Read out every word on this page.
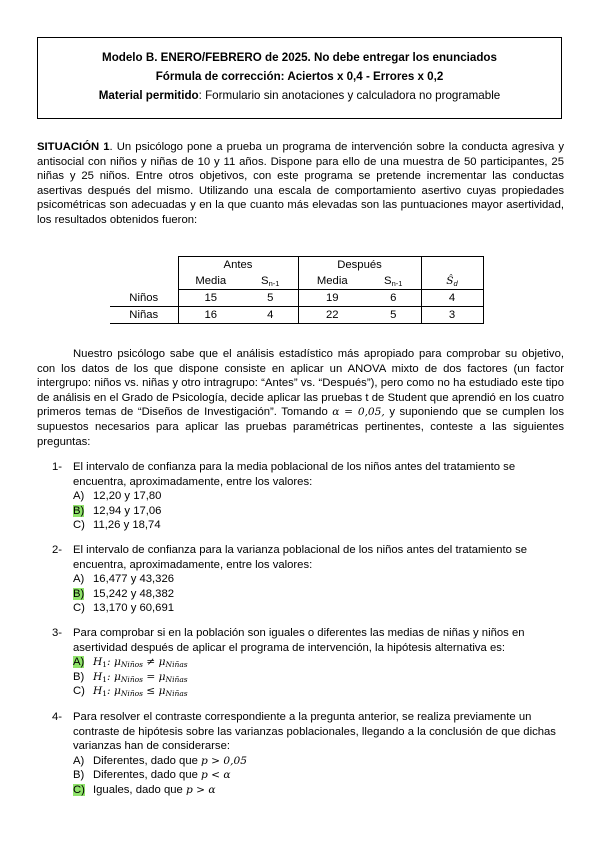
Modelo B. ENERO/FEBRERO de 2025. No debe entregar los enunciados
Fórmula de corrección: Aciertos x 0,4 - Errores x 0,2
Material permitido: Formulario sin anotaciones y calculadora no programable
SITUACIÓN 1. Un psicólogo pone a prueba un programa de intervención sobre la conducta agresiva y antisocial con niños y niñas de 10 y 11 años. Dispone para ello de una muestra de 50 participantes, 25 niñas y 25 niños. Entre otros objetivos, con este programa se pretende incrementar las conductas asertivas después del mismo. Utilizando una escala de comportamiento asertivo cuyas propiedades psicométricas son adecuadas y en la que cuanto más elevadas son las puntuaciones mayor asertividad, los resultados obtenidos fueron:
	Antes		Después		
	Media	$S_{n-1}$	Media	$S_{n-1}$	$Ŝ_d$
Niños	15	5	19	6	4
Niñas	16	4	22	5	3
Nuestro psicólogo sabe que el análisis estadístico más apropiado para comprobar su objetivo, con los datos de los que dispone consiste en aplicar un ANOVA mixto de dos factores (un factor intergrupo: niños vs. niñas y otro intragrupo: “Antes” vs. “Después”), pero como no ha estudiado este tipo de análisis en el Grado de Psicología, decide aplicar las pruebas t de Student que aprendió en los cuatro primeros temas de “Diseños de Investigación”. Tomando α = 0,05, y suponiendo que se cumplen los supuestos necesarios para aplicar las pruebas paramétricas pertinentes, conteste a las siguientes preguntas:
1- El intervalo de confianza para la media poblacional de los niños antes del tratamiento se encuentra, aproximadamente, entre los valores:
A) 12,20 y 17,80
B) 12,94 y 17,06
C) 11,26 y 18,74
2- El intervalo de confianza para la varianza poblacional de los niños antes del tratamiento se encuentra, aproximadamente, entre los valores:
A) 16,477 y 43,326
B) 15,242 y 48,382
C) 13,170 y 60,691
3- Para comprobar si en la población son iguales o diferentes las medias de niñas y niños en asertividad después de aplicar el programa de intervención, la hipótesis alternativa es:
A) $H_1$: $\mu_{Niños} \ne \mu_{Niñas}$
B) $H_1$: $\mu_{Niños} = \mu_{Niñas}$
C) $H_1$: $\mu_{Niños} \le \mu_{Niñas}$
4- Para resolver el contraste correspondiente a la pregunta anterior, se realiza previamente un contraste de hipótesis sobre las varianzas poblacionales, llegando a la conclusión de que dichas varianzas han de considerarse:
A) Diferentes, dado que p > 0,05
B) Diferentes, dado que p < α
C) Iguales, dado que p > α
